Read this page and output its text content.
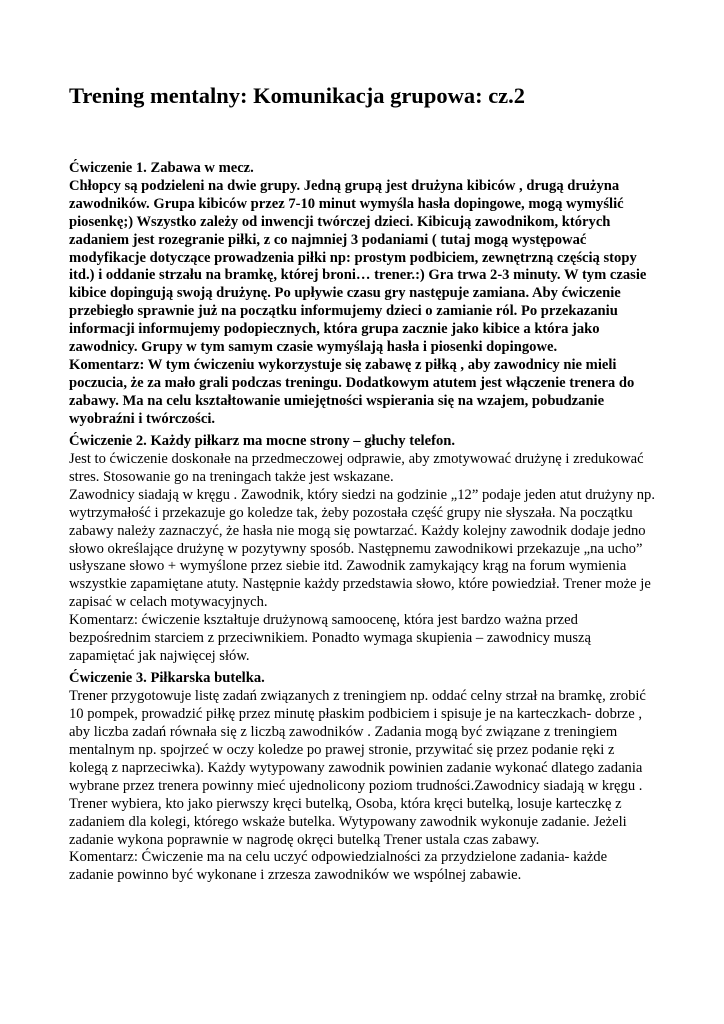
Trening mentalny: Komunikacja grupowa: cz.2
Ćwiczenie 1. Zabawa w mecz.

Chłopcy są podzieleni na dwie grupy. Jedną grupą jest drużyna kibiców , drugą drużyna
zawodników. Grupa kibiców przez 7-10 minut wymyśla hasła dopingowe, mogą wymyślić
piosenkę;) Wszystko zależy od inwencji twórczej dzieci. Kibicują zawodnikom, których
zadaniem jest rozegranie piłki, z co najmniej 3 podaniami ( tutaj mogą występować
modyfikacje dotyczące prowadzenia piłki np: prostym podbiciem, zewnętrzną częścią stopy
itd.) i oddanie strzału na bramkę, której broni… trener.:) Gra trwa 2-3 minuty. W tym czasie
kibice dopingują swoją drużynę. Po upływie czasu gry następuje zamiana. Aby ćwiczenie
przebiegło sprawnie już na początku informujemy dzieci o zamianie ról. Po przekazaniu
informacji informujemy podopiecznych, która grupa zacznie jako kibice a która jako
zawodnicy. Grupy w tym samym czasie wymyślają hasła i piosenki dopingowe.
Komentarz: W tym ćwiczeniu wykorzystuje się zabawę z piłką , aby zawodnicy nie mieli
poczucia, że za mało grali podczas treningu. Dodatkowym atutem jest włączenie trenera do
zabawy. Ma na celu kształtowanie umiejętności wspierania się na wzajem, pobudzanie
wyobraźni i twórczości.

Ćwiczenie 2. Każdy piłkarz ma mocne strony – głuchy telefon.

Jest to ćwiczenie doskonałe na przedmeczowej odprawie, aby zmotywować drużynę i zredukować
stres. Stosowanie go na treningach także jest wskazane.
Zawodnicy siadają w kręgu . Zawodnik, który siedzi na godzinie „12” podaje jeden atut drużyny np.
wytrzymałość i przekazuje go koledze tak, żeby pozostała część grupy nie słyszała. Na początku
zabawy należy zaznaczyć, że hasła nie mogą się powtarzać. Każdy kolejny zawodnik dodaje jedno
słowo określające drużynę w pozytywny sposób. Następnemu zawodnikowi przekazuje „na ucho”
usłyszane słowo + wymyślone przez siebie itd. Zawodnik zamykający krąg na forum wymienia
wszystkie zapamiętane atuty. Następnie każdy przedstawia słowo, które powiedział. Trener może je
zapisać w celach motywacyjnych.
Komentarz: ćwiczenie kształtuje drużynową samoocenę, która jest bardzo ważna przed
bezpośrednim starciem z przeciwnikiem. Ponadto wymaga skupienia – zawodnicy muszą
zapamiętać jak najwięcej słów.

Ćwiczenie 3. Piłkarska butelka.

Trener przygotowuje listę zadań związanych z treningiem np. oddać celny strzał na bramkę, zrobić
10 pompek, prowadzić piłkę przez minutę płaskim podbiciem i spisuje je na karteczkach- dobrze ,
aby liczba zadań równała się z liczbą zawodników . Zadania mogą być związane z treningiem
mentalnym np. spojrzeć w oczy koledze po prawej stronie, przywitać się przez podanie ręki z
kolegą z naprzeciwka). Każdy wytypowany zawodnik powinien zadanie wykonać dlatego zadania
wybrane przez trenera powinny mieć ujednolicony poziom trudności.Zawodnicy siadają w kręgu .
Trener wybiera, kto jako pierwszy kręci butelką, Osoba, która kręci butelką, losuje karteczkę z
zadaniem dla kolegi, którego wskaże butelka. Wytypowany zawodnik wykonuje zadanie. Jeżeli
zadanie wykona poprawnie w nagrodę okręci butelką Trener ustala czas zabawy.
Komentarz: Ćwiczenie ma na celu uczyć odpowiedzialności za przydzielone zadania- każde
zadanie powinno być wykonane i zrzesza zawodników we wspólnej zabawie.
